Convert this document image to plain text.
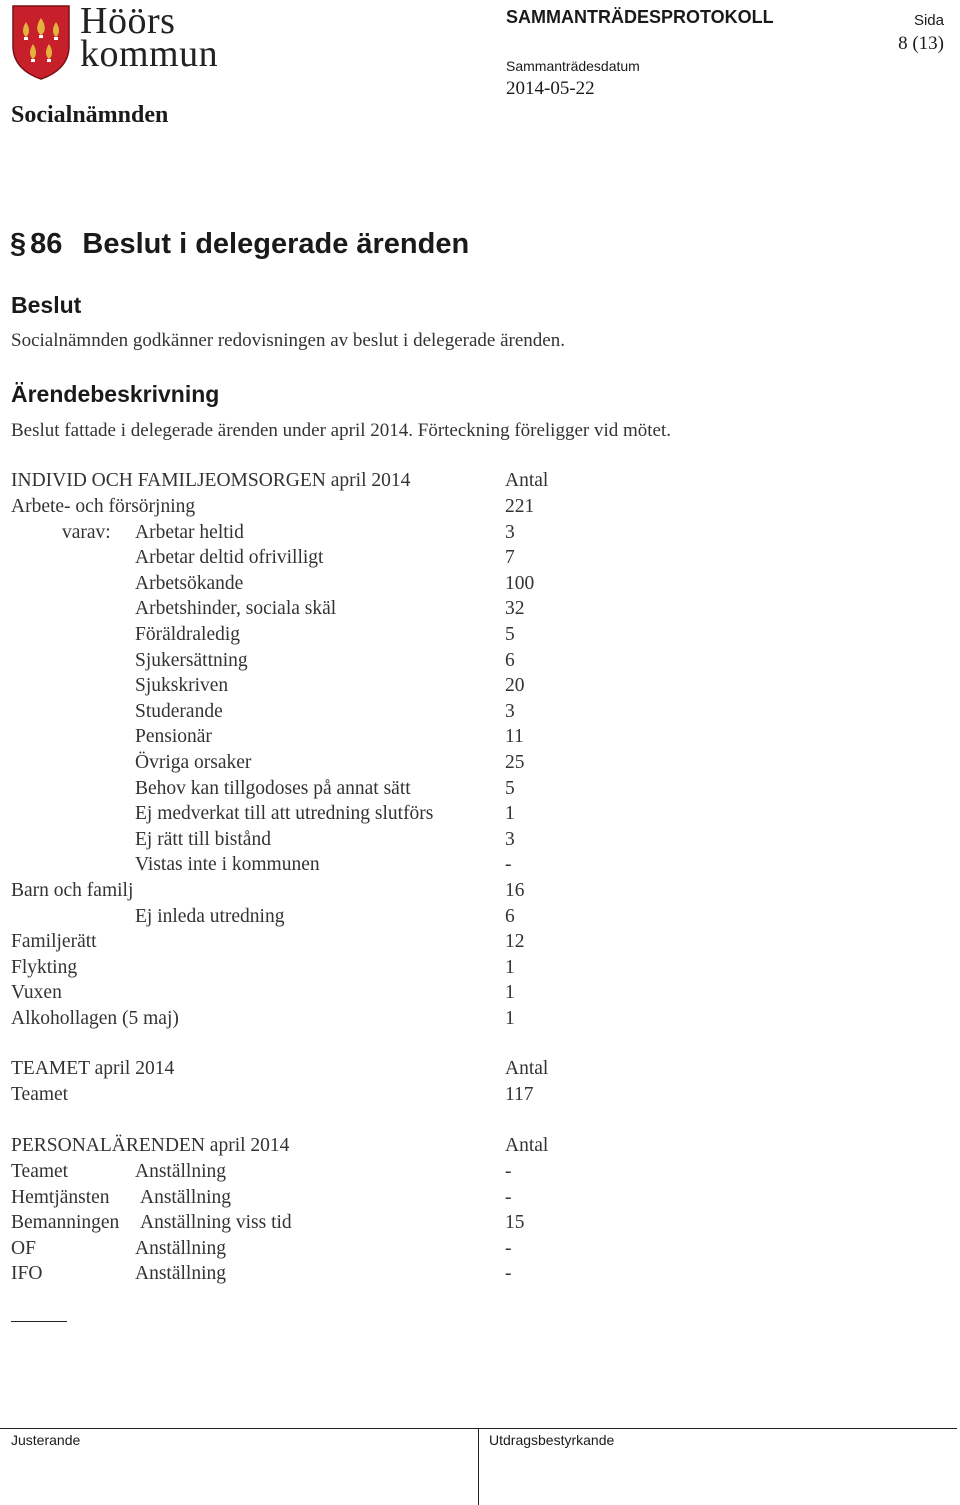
Höörs
kommun
Socialnämnden
SAMMANTRÄDESPROTOKOLL
Sammanträdesdatum
2014-05-22
Sida
8 (13)
§ 86 Beslut i delegerade ärenden
Beslut
Socialnämnden godkänner redovisningen av beslut i delegerade ärenden.
Ärendebeskrivning
Beslut fattade i delegerade ärenden under april 2014. Förteckning föreligger vid mötet.
INDIVID OCH FAMILJEOMSORGEN april 2014	Antal
Arbete- och försörjning	221
varav: Arbetar heltid	3
Arbetar deltid ofrivilligt	7
Arbetsökande	100
Arbetshinder, sociala skäl	32
Föräldraledig	5
Sjukersättning	6
Sjukskriven	20
Studerande	3
Pensionär	11
Övriga orsaker	25
Behov kan tillgodoses på annat sätt	5
Ej medverkat till att utredning slutförs	1
Ej rätt till bistånd	3
Vistas inte i kommunen	-
Barn och familj	16
Ej inleda utredning	6
Familjerätt	12
Flykting	1
Vuxen	1
Alkohollagen (5 maj)	1
TEAMET april 2014	Antal
Teamet	117
PERSONALÄRENDEN april 2014	Antal
Teamet	Anställning	-
Hemtjänsten Anställning	-
Bemanningen Anställning viss tid	15
OF	Anställning	-
IFO	Anställning	-
Justerande	Utdragsbestyrkande
